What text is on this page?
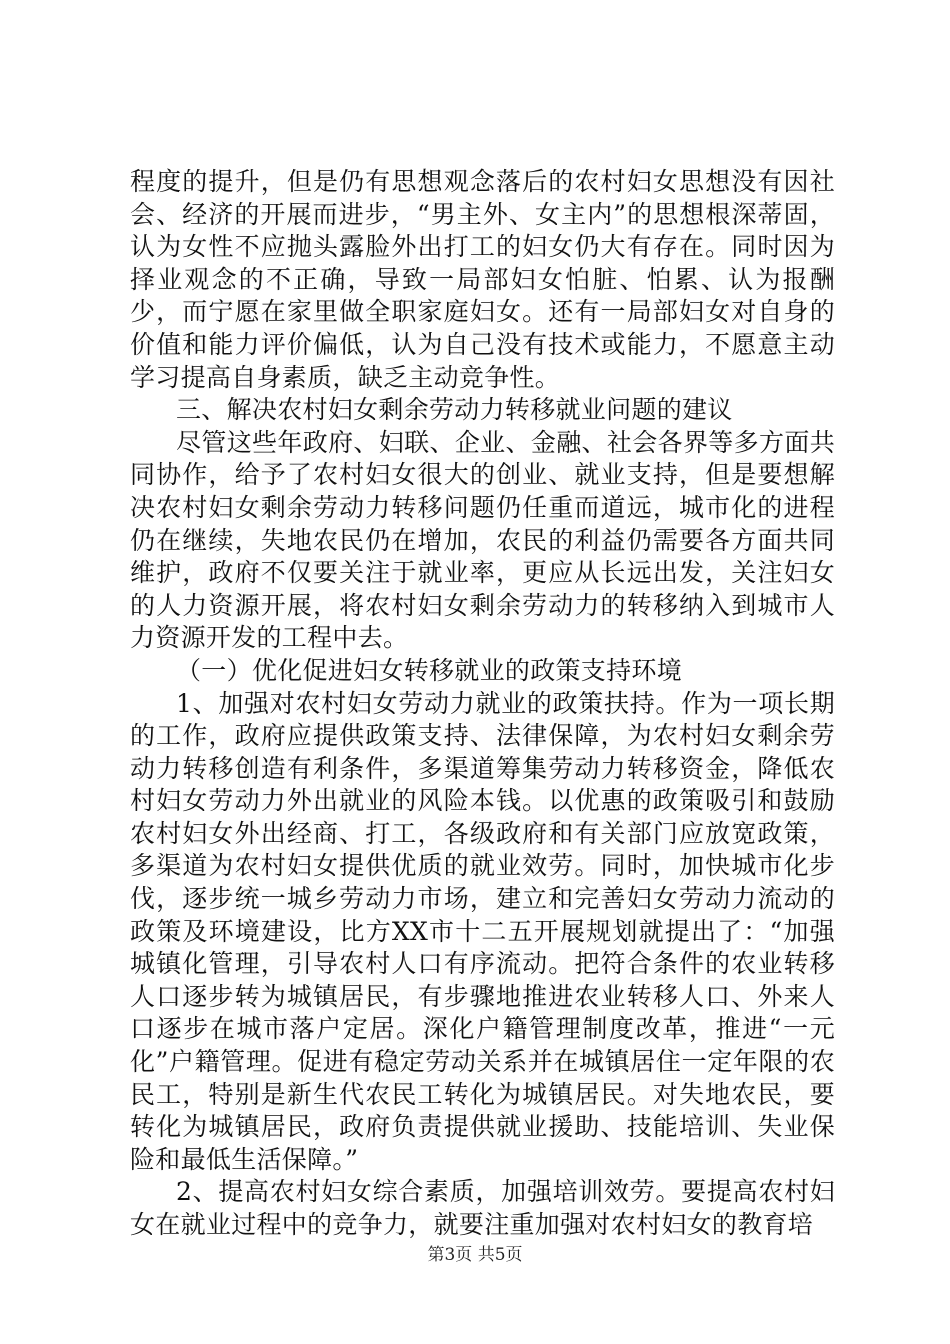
程度的提升，但是仍有思想观念落后的农村妇女思想没有因社会、经济的开展而进步，“男主外、女主内”的思想根深蒂固，认为女性不应抛头露脸外出打工的妇女仍大有存在。同时因为择业观念的不正确，导致一局部妇女怕脏、怕累、认为报酬少，而宁愿在家里做全职家庭妇女。还有一局部妇女对自身的价值和能力评价偏低，认为自己没有技术或能力，不愿意主动学习提高自身素质，缺乏主动竞争性。

三、解决农村妇女剩余劳动力转移就业问题的建议

尽管这些年政府、妇联、企业、金融、社会各界等多方面共同协作，给予了农村妇女很大的创业、就业支持，但是要想解决农村妇女剩余劳动力转移问题仍任重而道远，城市化的进程仍在继续，失地农民仍在增加，农民的利益仍需要各方面共同维护，政府不仅要关注于就业率，更应从长远出发，关注妇女的人力资源开展，将农村妇女剩余劳动力的转移纳入到城市人力资源开发的工程中去。

（一）优化促进妇女转移就业的政策支持环境

1、加强对农村妇女劳动力就业的政策扶持。作为一项长期的工作，政府应提供政策支持、法律保障，为农村妇女剩余劳动力转移创造有利条件，多渠道筹集劳动力转移资金，降低农村妇女劳动力外出就业的风险本钱。以优惠的政策吸引和鼓励农村妇女外出经商、打工，各级政府和有关部门应放宽政策，多渠道为农村妇女提供优质的就业效劳。同时，加快城市化步伐，逐步统一城乡劳动力市场，建立和完善妇女劳动力流动的政策及环境建设，比方XX市十二五开展规划就提出了：“加强城镇化管理，引导农村人口有序流动。把符合条件的农业转移人口逐步转为城镇居民，有步骤地推进农业转移人口、外来人口逐步在城市落户定居。深化户籍管理制度改革，推进“一元化”户籍管理。促进有稳定劳动关系并在城镇居住一定年限的农民工，特别是新生代农民工转化为城镇居民。对失地农民，要转化为城镇居民，政府负责提供就业援助、技能培训、失业保险和最低生活保障。”

2、提高农村妇女综合素质，加强培训效劳。要提高农村妇女在就业过程中的竞争力，就要注重加强对农村妇女的教育培

第3页 共5页
